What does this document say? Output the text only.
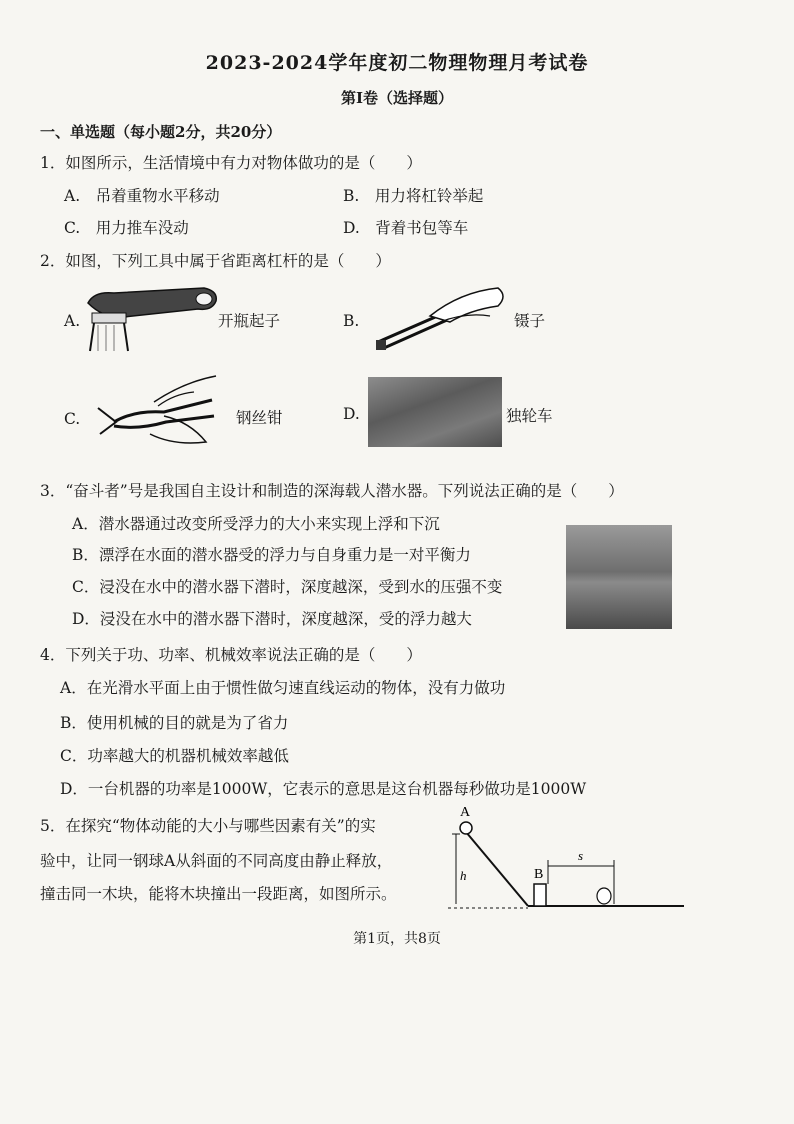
2023-2024学年度初二物理物理月考试卷
第I卷（选择题）
一、单选题（每小题2分，共20分）
1．如图所示，生活情境中有力对物体做功的是（　　）
A.　吊着重物水平移动	B.　用力将杠铃举起
C.　用力推车没动	D.　背着书包等车
2．如图，下列工具中属于省距离杠杆的是（　　）
A.	开瓶起子	B.	镊子
C.	钢丝钳	D.	独轮车
3．“奋斗者”号是我国自主设计和制造的深海载人潜水器。下列说法正确的是（　　）
A．潜水器通过改变所受浮力的大小来实现上浮和下沉
B．漂浮在水面的潜水器受的浮力与自身重力是一对平衡力
C．浸没在水中的潜水器下潜时，深度越深，受到水的压强不变
D．浸没在水中的潜水器下潜时，深度越深，受的浮力越大
4．下列关于功、功率、机械效率说法正确的是（　　）
A．在光滑水平面上由于惯性做匀速直线运动的物体，没有力做功
B．使用机械的目的就是为了省力
C．功率越大的机器机械效率越低
D．一台机器的功率是1000W，它表示的意思是这台机器每秒做功是1000W
5．在探究“物体动能的大小与哪些因素有关”的实
验中，让同一钢球A从斜面的不同高度由静止释放，
撞击同一木块，能将木块撞出一段距离，如图所示。
A
B
h
s
第1页，共8页
